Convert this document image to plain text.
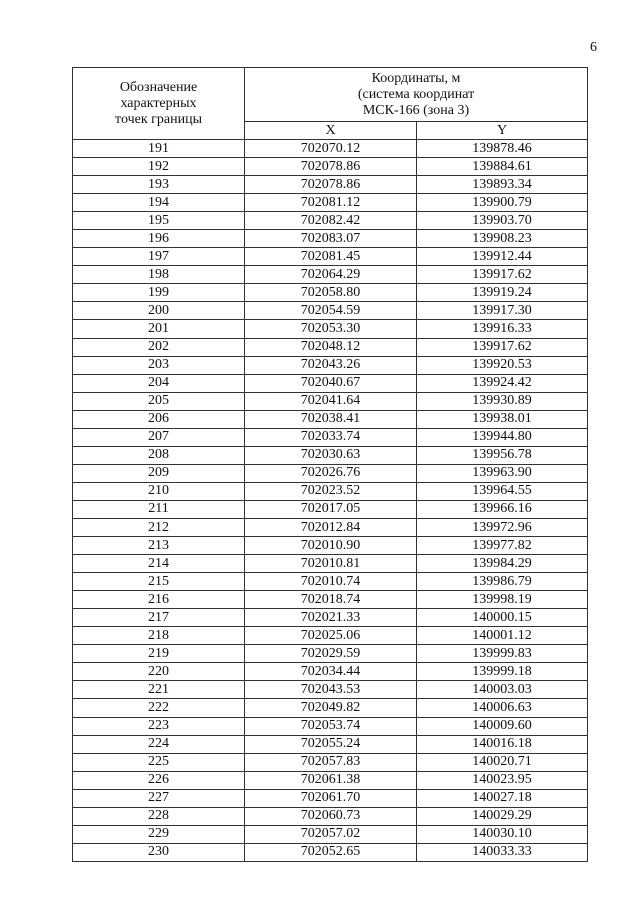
6
Обозначение
характерных
точек границы	Координаты, м
(система координат
МСК-166 (зона 3)	

	X	Y
191	702070.12	139878.46
192	702078.86	139884.61
193	702078.86	139893.34
194	702081.12	139900.79
195	702082.42	139903.70
196	702083.07	139908.23
197	702081.45	139912.44
198	702064.29	139917.62
199	702058.80	139919.24
200	702054.59	139917.30
201	702053.30	139916.33
202	702048.12	139917.62
203	702043.26	139920.53
204	702040.67	139924.42
205	702041.64	139930.89
206	702038.41	139938.01
207	702033.74	139944.80
208	702030.63	139956.78
209	702026.76	139963.90
210	702023.52	139964.55
211	702017.05	139966.16
212	702012.84	139972.96
213	702010.90	139977.82
214	702010.81	139984.29
215	702010.74	139986.79
216	702018.74	139998.19
217	702021.33	140000.15
218	702025.06	140001.12
219	702029.59	139999.83
220	702034.44	139999.18
221	702043.53	140003.03
222	702049.82	140006.63
223	702053.74	140009.60
224	702055.24	140016.18
225	702057.83	140020.71
226	702061.38	140023.95
227	702061.70	140027.18
228	702060.73	140029.29
229	702057.02	140030.10
230	702052.65	140033.33
